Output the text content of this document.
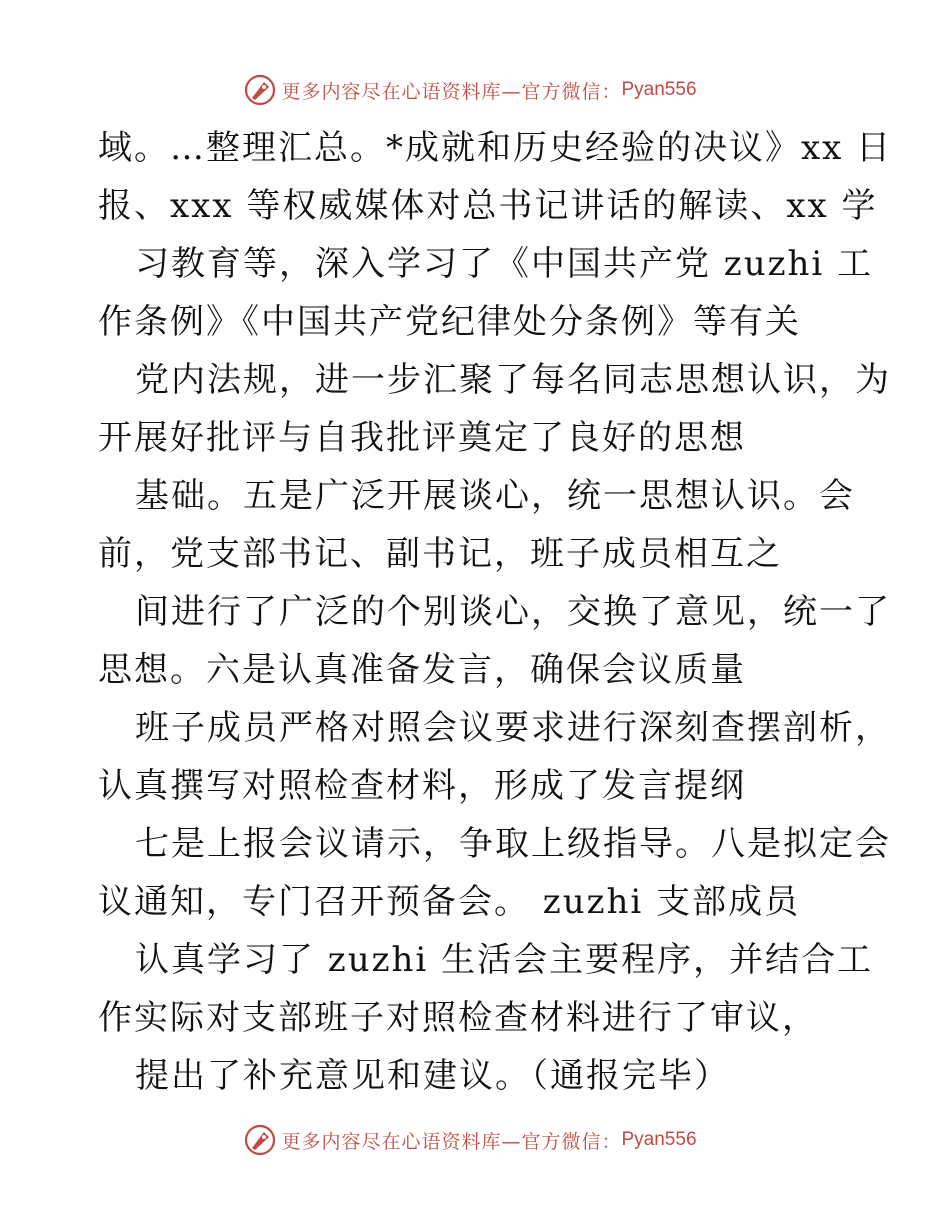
更多内容尽在心语资料库—官方微信： Pyan556
域。…整理汇总。*成就和历史经验的决议》xx 日
报、xxx 等权威媒体对总书记讲话的解读、xx 学
习教育等，深入学习了《中国共产党 zuzhi 工
作条例》《中国共产党纪律处分条例》等有关
党内法规，进一步汇聚了每名同志思想认识，为
开展好批评与自我批评奠定了良好的思想
基础。五是广泛开展谈心，统一思想认识。会
前，党支部书记、副书记，班子成员相互之
间进行了广泛的个别谈心，交换了意见，统一了
思想。六是认真准备发言，确保会议质量
班子成员严格对照会议要求进行深刻查摆剖析，
认真撰写对照检查材料，形成了发言提纲
七是上报会议请示，争取上级指导。八是拟定会
议通知，专门召开预备会。 zuzhi 支部成员
认真学习了 zuzhi 生活会主要程序，并结合工
作实际对支部班子对照检查材料进行了审议，
提出了补充意见和建议。（通报完毕）
更多内容尽在心语资料库—官方微信： Pyan556
